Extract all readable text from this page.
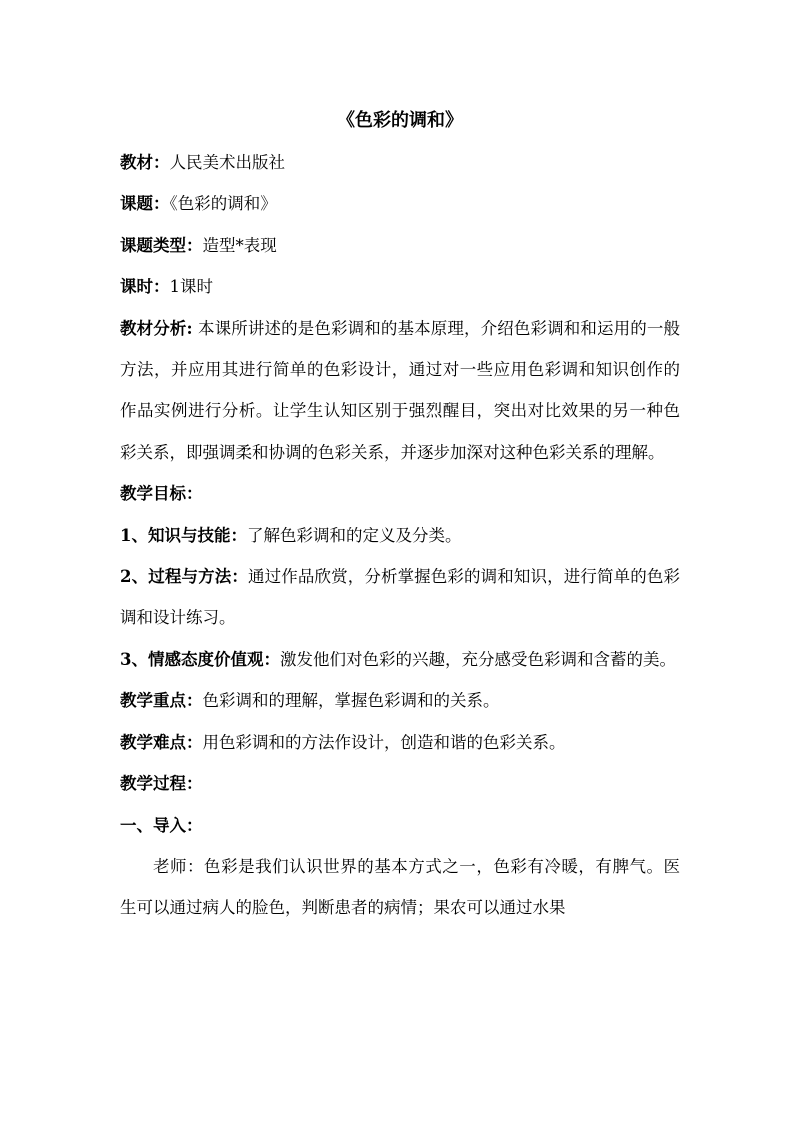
《色彩的调和》

教材：人民美术出版社

课题：《色彩的调和》

课题类型：造型*表现

课时：1课时

教材分析: 本课所讲述的是色彩调和的基本原理，介绍色彩调和和运用的一般方法，并应用其进行简单的色彩设计，通过对一些应用色彩调和知识创作的作品实例进行分析。让学生认知区别于强烈醒目，突出对比效果的另一种色彩关系，即强调柔和协调的色彩关系，并逐步加深对这种色彩关系的理解。

教学目标：

1、知识与技能：了解色彩调和的定义及分类。

2、过程与方法：通过作品欣赏，分析掌握色彩的调和知识，进行简单的色彩调和设计练习。

3、情感态度价值观：激发他们对色彩的兴趣，充分感受色彩调和含蓄的美。

教学重点：色彩调和的理解，掌握色彩调和的关系。

教学难点：用色彩调和的方法作设计，创造和谐的色彩关系。

教学过程：

一、导入：

老师：色彩是我们认识世界的基本方式之一，色彩有冷暖，有脾气。医生可以通过病人的脸色，判断患者的病情；果农可以通过水果
